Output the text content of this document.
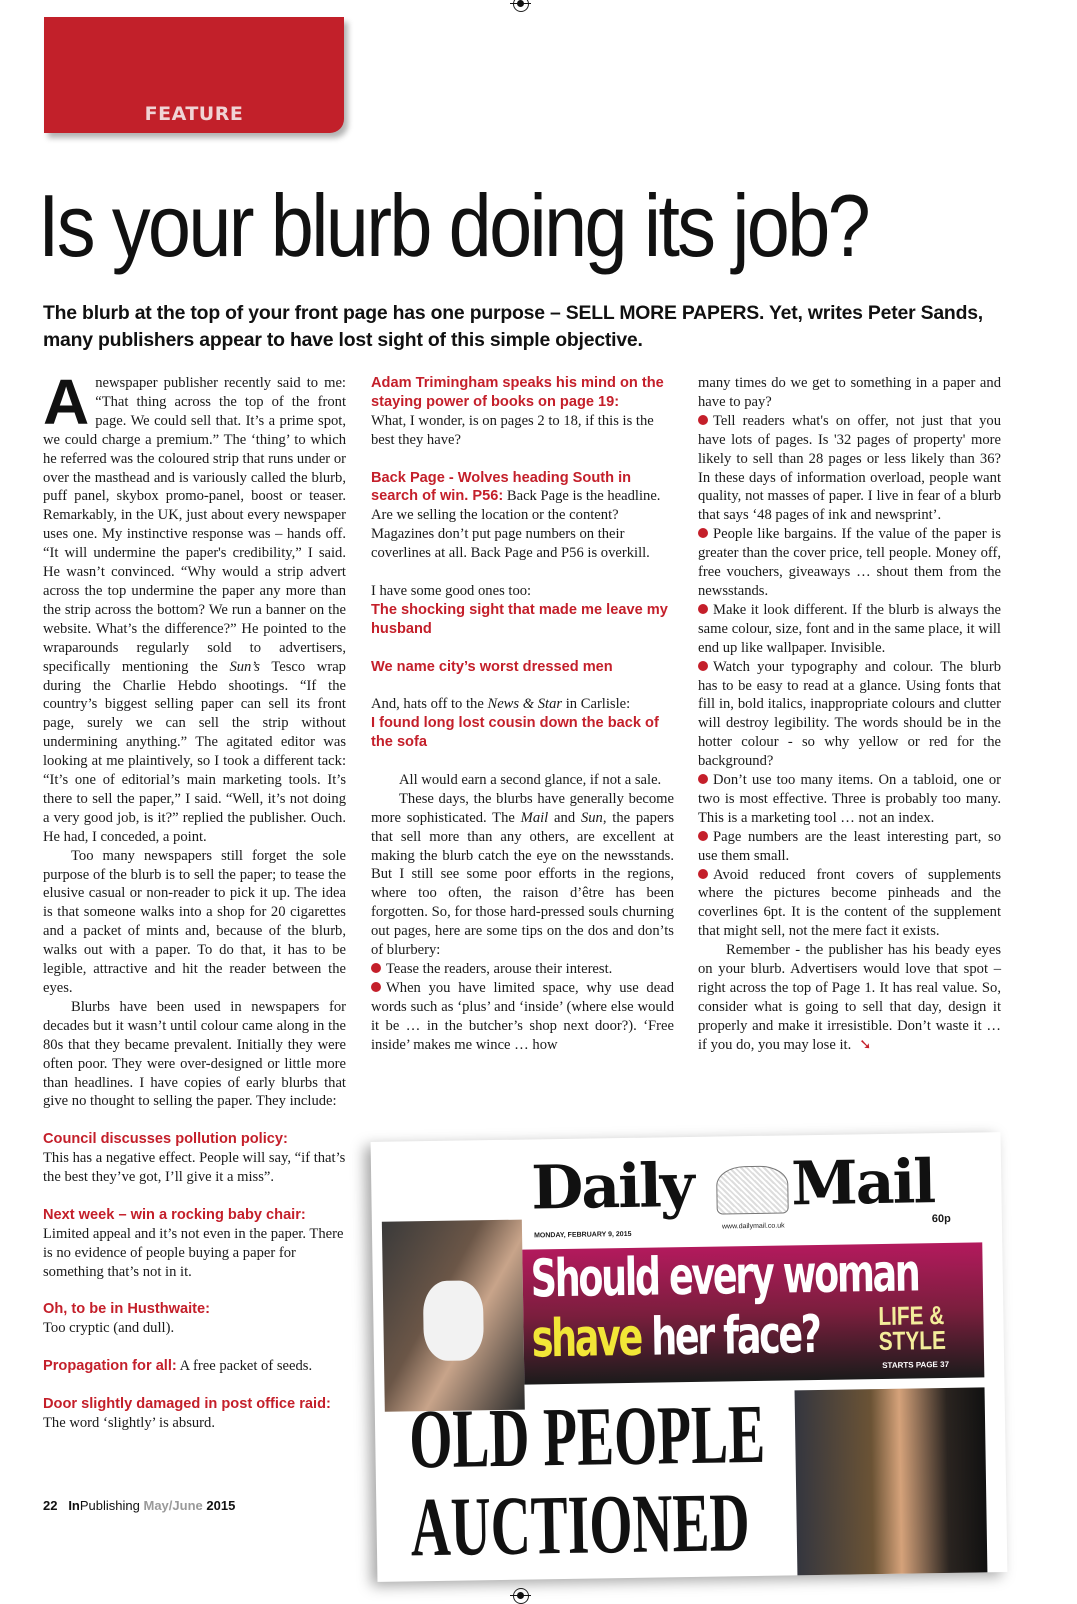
FEATURE
Is your blurb doing its job?
The blurb at the top of your front page has one purpose – SELL MORE PAPERS. Yet, writes Peter Sands, many publishers appear to have lost sight of this simple objective.

Anewspaper publisher recently said to me: “That thing across the top of the front page. We could sell that. It’s a prime spot, we could charge a premium.” The ‘thing’ to which he referred was the coloured strip that runs under or over the masthead and is variously called the blurb, puff panel, skybox promo-panel, boost or teaser. Remarkably, in the UK, just about every newspaper uses one. My instinctive response was – hands off. “It will undermine the paper's credibility,” I said. He wasn’t convinced. “Why would a strip advert across the top undermine the paper any more than the strip across the bottom? We run a banner on the website. What’s the difference?” He pointed to the wraparounds regularly sold to advertisers, specifically mentioning the Sun’s Tesco wrap during the Charlie Hebdo shootings. “If the country’s biggest selling paper can sell its front page, surely we can sell the strip without undermining anything.” The agitated editor was looking at me plaintively, so I took a different tack: “It’s one of editorial’s main marketing tools. It’s there to sell the paper,” I said. “Well, it’s not doing a very good job, is it?” replied the publisher. Ouch. He had, I conceded, a point.

Too many newspapers still forget the sole purpose of the blurb is to sell the paper; to tease the elusive casual or non-reader to pick it up. The idea is that someone walks into a shop for 20 cigarettes and a packet of mints and, because of the blurb, walks out with a paper. To do that, it has to be legible, attractive and hit the reader between the eyes.

Blurbs have been used in newspapers for decades but it wasn’t until colour came along in the 80s that they became prevalent. Initially they were often poor. They were over-designed or little more than headlines. I have copies of early blurbs that give no thought to selling the paper. They include:

Council discusses pollution policy:
This has a negative effect. People will say, “if that’s the best they’ve got, I’ll give it a miss”.

Next week – win a rocking baby chair:
Limited appeal and it’s not even in the paper. There is no evidence of people buying a paper for something that’s not in it.

Oh, to be in Husthwaite:
Too cryptic (and dull).

Propagation for all: A free packet of seeds.

Door slightly damaged in post office raid:
The word ‘slightly’ is absurd.

Adam Trimingham speaks his mind on the staying power of books on page 19:
What, I wonder, is on pages 2 to 18, if this is the best they have?

Back Page - Wolves heading South in search of win. P56: Back Page is the headline. Are we selling the location or the content? Magazines don’t put page numbers on their coverlines at all. Back Page and P56 is overkill.

I have some good ones too:

The shocking sight that made me leave my husband

We name city’s worst dressed men

And, hats off to the News & Star in Carlisle:

I found long lost cousin down the back of the sofa

All would earn a second glance, if not a sale.

These days, the blurbs have generally become more sophisticated. The Mail and Sun, the papers that sell more than any others, are excellent at making the blurb catch the eye on the newsstands. But I still see some poor efforts in the regions, where too often, the raison d’être has been forgotten. So, for those hard-pressed souls churning out pages, here are some tips on the dos and don’ts of blurbery:

Tease the readers, arouse their interest.

When you have limited space, why use dead words such as ‘plus’ and ‘inside’ (where else would it be … in the butcher’s shop next door?). ‘Free inside’ makes me wince … how

many times do we get to something in a paper and have to pay?

Tell readers what's on offer, not just that you have lots of pages. Is '32 pages of property' more likely to sell than 28 pages or less likely than 36? In these days of information overload, people want quality, not masses of paper. I live in fear of a blurb that says ‘48 pages of ink and newsprint’.

People like bargains. If the value of the paper is greater than the cover price, tell people. Money off, free vouchers, giveaways … shout them from the newsstands.

Make it look different. If the blurb is always the same colour, size, font and in the same place, it will end up like wallpaper. Invisible.

Watch your typography and colour. The blurb has to be easy to read at a glance. Using fonts that fill in, bold italics, inappropriate colours and clutter will destroy legibility. The words should be in the hotter colour - so why yellow or red for the background?

Don’t use too many items. On a tabloid, one or two is most effective. Three is probably too many. This is a marketing tool … not an index.

Page numbers are the least interesting part, so use them small.

Avoid reduced front covers of supplements where the pictures become pinheads and the coverlines 6pt. It is the content of the supplement that might sell, not the mere fact it exists.

Remember - the publisher has his beady eyes on your blurb. Advertisers would love that spot – right across the top of Page 1. It has real value. So, consider what is going to sell that day, design it properly and make it irresistible. Don’t waste it … if you do, you may lose it. ➘

Daily Mail
MONDAY, FEBRUARY 9, 2015
www.dailymail.co.uk
60p
Should every woman
shave her face? LIFE &
STYLE
STARTS PAGE 37
OLD PEOPLE
AUCTIONED
22 InPublishing May/June 2015
